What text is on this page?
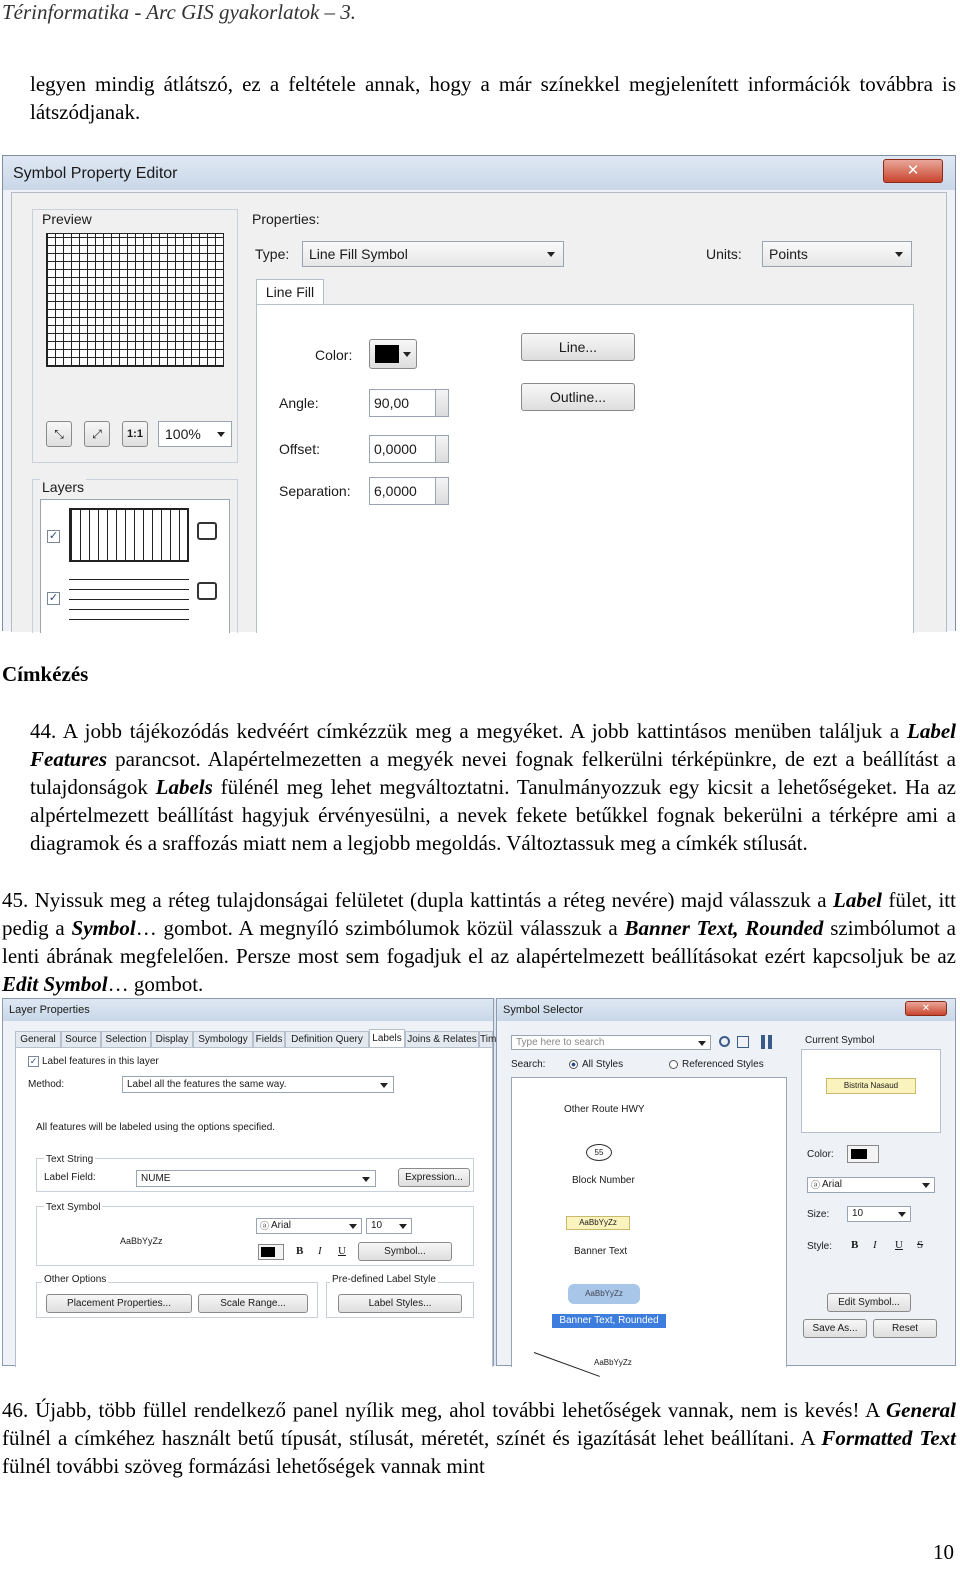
Térinformatika - Arc GIS gyakorlatok – 3.
legyen mindig átlátszó, ez a feltétele annak, hogy a már színekkel megjelenített információk továbbra is látszódjanak.
Symbol Property Editor	✕
Preview
⤡	⤢	1:1	100%
Layers
✓
✓
Properties:
Type:	Line Fill Symbol	Units:	Points
Line Fill
Color:	Line...
Outline...
Angle:	90,00
Offset:	0,0000
Separation:	6,0000
Címkézés
44. A jobb tájékozódás kedvéért címkézzük meg a megyéket. A jobb kattintásos menüben találjuk a Label Features parancsot. Alapértelmezetten a megyék nevei fognak felkerülni térképünkre, de ezt a beállítást a tulajdonságok Labels fülénél meg lehet megváltoztatni. Tanulmányozzuk egy kicsit a lehetőségeket. Ha az alpértelmezett beállítást hagyjuk érvényesülni, a nevek fekete betűkkel fognak bekerülni a térképre ami a diagramok és a sraffozás miatt nem a legjobb megoldás. Változtassuk meg a címkék stílusát.
45. Nyissuk meg a réteg tulajdonságai felületet (dupla kattintás a réteg nevére) majd válasszuk a Label fület, itt pedig a Symbol… gombot. A megnyíló szimbólumok közül válasszuk a Banner Text, Rounded szimbólumot a lenti ábrának megfelelően. Persze most sem fogadjuk el az alapértelmezett beállításokat ezért kapcsoljuk be az Edit Symbol… gombot.
Layer Properties
General Source Selection Display Symbology Fields Definition Query Labels Joins & Relates Tim
✓ Label features in this layer
Method:	Label all the features the same way.
All features will be labeled using the options specified.
Text String
Label Field:	NUME	Expression...
Text Symbol
AaBbYyZz
ⓐ Arial	10
B I U	Symbol...
Other Options
Placement Properties...	Scale Range...
Pre-defined Label Style
Label Styles...
Symbol Selector	✕
Type here to search
Search:	All Styles	Referenced Styles
Other Route HWY
55
Block Number
AaBbYyZz
Banner Text
AaBbYyZz
Banner Text, Rounded
AaBbYyZz
Current Symbol
Bistrita Nasaud
Color:
ⓐ Arial
Size:	10
Style: B I U S
Edit Symbol...
Save As...	Reset
46. Újabb, több füllel rendelkező panel nyílik meg, ahol további lehetőségek vannak, nem is kevés! A General fülnél a címkéhez használt betű típusát, stílusát, méretét, színét és igazítását lehet beállítani. A Formatted Text fülnél további szöveg formázási lehetőségek vannak mint
10
